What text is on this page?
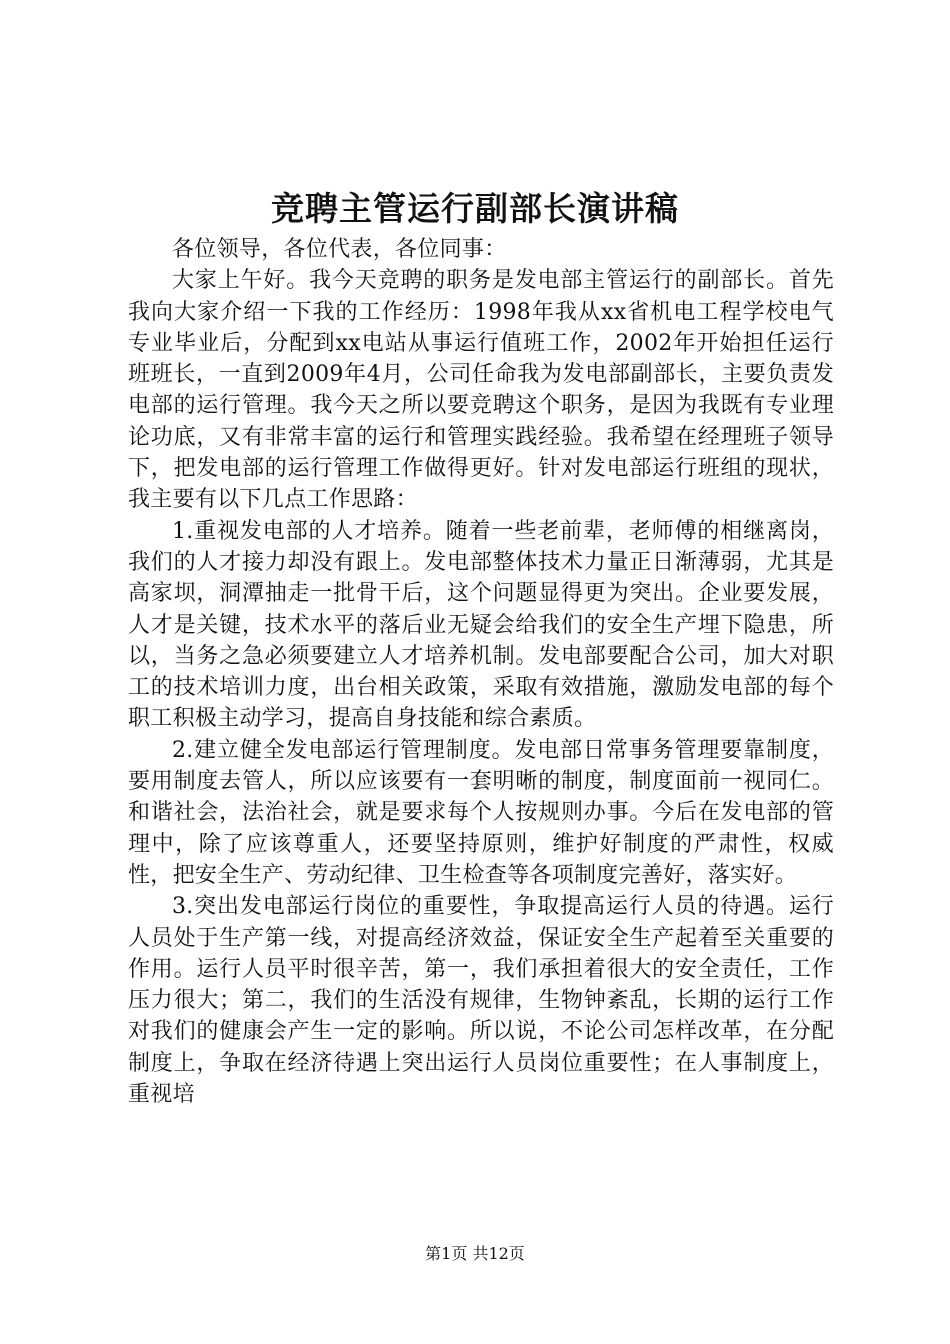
竞聘主管运行副部长演讲稿

各位领导，各位代表，各位同事：

大家上午好。我今天竞聘的职务是发电部主管运行的副部长。首先我向大家介绍一下我的工作经历：1998年我从xx省机电工程学校电气专业毕业后，分配到xx电站从事运行值班工作，2002年开始担任运行班班长，一直到2009年4月，公司任命我为发电部副部长，主要负责发电部的运行管理。我今天之所以要竞聘这个职务，是因为我既有专业理论功底，又有非常丰富的运行和管理实践经验。我希望在经理班子领导下，把发电部的运行管理工作做得更好。针对发电部运行班组的现状，我主要有以下几点工作思路：

1.重视发电部的人才培养。随着一些老前辈，老师傅的相继离岗，我们的人才接力却没有跟上。发电部整体技术力量正日渐薄弱，尤其是高家坝，洞潭抽走一批骨干后，这个问题显得更为突出。企业要发展，人才是关键，技术水平的落后业无疑会给我们的安全生产埋下隐患，所以，当务之急必须要建立人才培养机制。发电部要配合公司，加大对职工的技术培训力度，出台相关政策，采取有效措施，激励发电部的每个职工积极主动学习，提高自身技能和综合素质。

2.建立健全发电部运行管理制度。发电部日常事务管理要靠制度，要用制度去管人，所以应该要有一套明晰的制度，制度面前一视同仁。和谐社会，法治社会，就是要求每个人按规则办事。今后在发电部的管理中，除了应该尊重人，还要坚持原则，维护好制度的严肃性，权威性，把安全生产、劳动纪律、卫生检查等各项制度完善好，落实好。

3.突出发电部运行岗位的重要性，争取提高运行人员的待遇。运行人员处于生产第一线，对提高经济效益，保证安全生产起着至关重要的作用。运行人员平时很辛苦，第一，我们承担着很大的安全责任，工作压力很大；第二，我们的生活没有规律，生物钟紊乱，长期的运行工作对我们的健康会产生一定的影响。所以说，不论公司怎样改革，在分配制度上，争取在经济待遇上突出运行人员岗位重要性；在人事制度上，重视培

第1页 共12页
